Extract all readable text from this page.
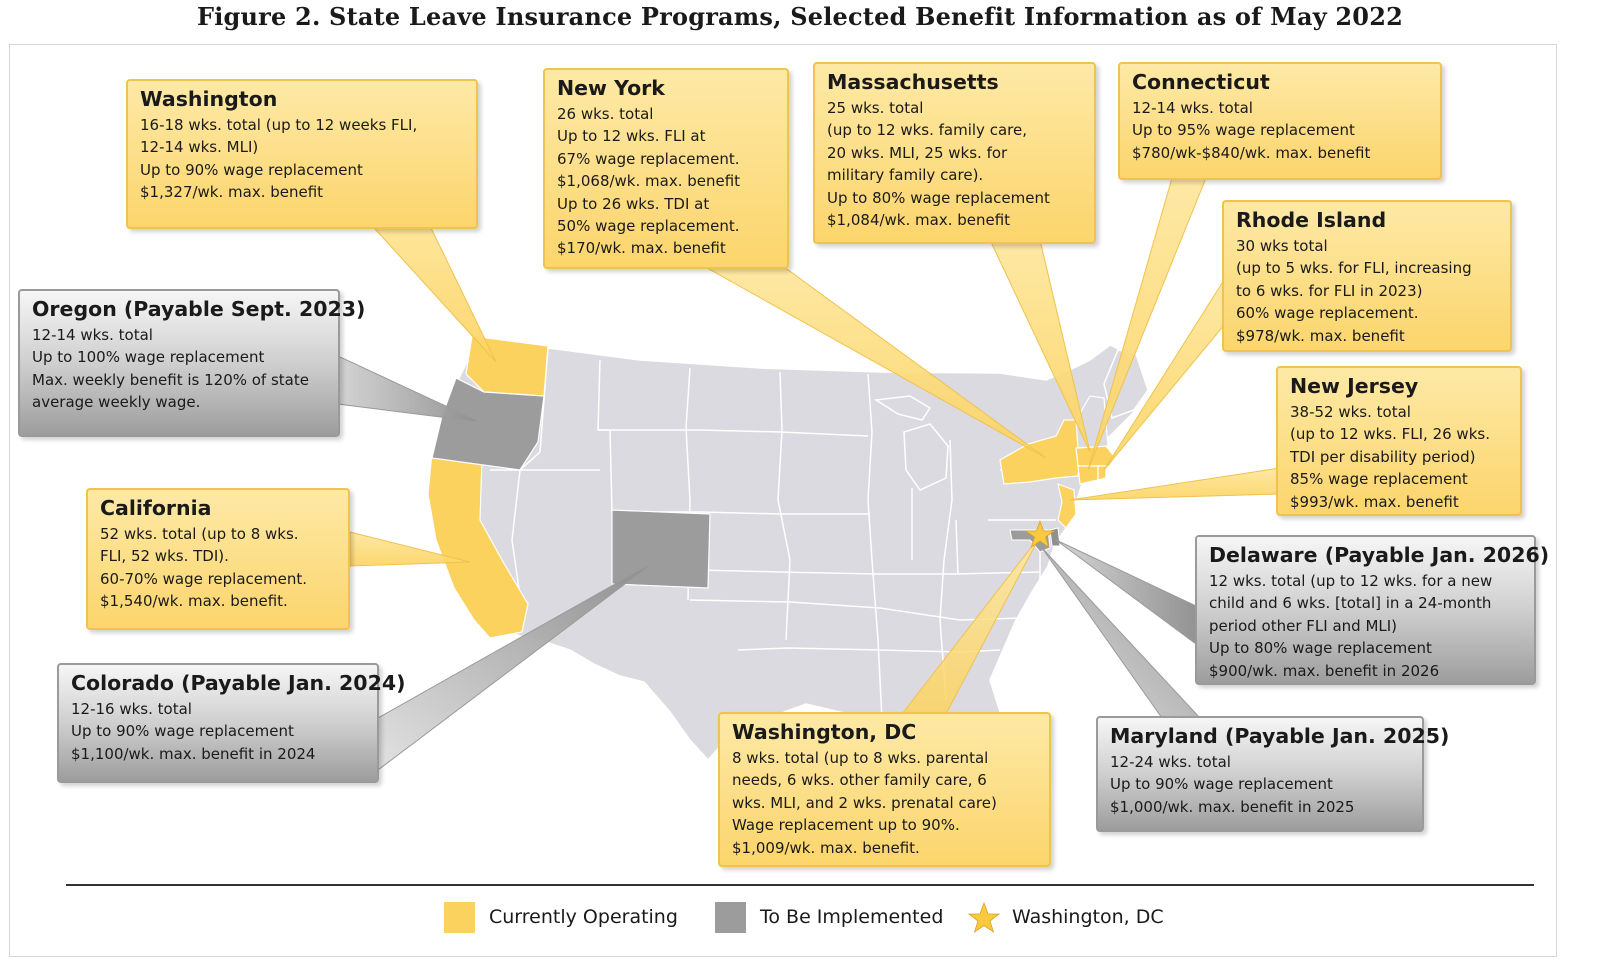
Figure 2. State Leave Insurance Programs, Selected Benefit Information as of May 2022
Washington
16-18 wks. total (up to 12 weeks FLI,
12-14 wks. MLI)
Up to 90% wage replacement
$1,327/wk. max. benefit
New York
26 wks. total
Up to 12 wks. FLI at
67% wage replacement.
$1,068/wk. max. benefit
Up to 26 wks. TDI at
50% wage replacement.
$170/wk. max. benefit
Massachusetts
25 wks. total
(up to 12 wks. family care,
20 wks. MLI, 25 wks. for
military family care).
Up to 80% wage replacement
$1,084/wk. max. benefit
Connecticut
12-14 wks. total
Up to 95% wage replacement
$780/wk-$840/wk. max. benefit
Rhode Island
30 wks total
(up to 5 wks. for FLI, increasing
to 6 wks. for FLI in 2023)
60% wage replacement.
$978/wk. max. benefit
Oregon (Payable Sept. 2023)
12-14 wks. total
Up to 100% wage replacement
Max. weekly benefit is 120% of state
average weekly wage.
New Jersey
38-52 wks. total
(up to 12 wks. FLI, 26 wks.
TDI per disability period)
85% wage replacement
$993/wk. max. benefit
California
52 wks. total (up to 8 wks.
FLI, 52 wks. TDI).
60-70% wage replacement.
$1,540/wk. max. benefit.
Delaware (Payable Jan. 2026)
12 wks. total (up to 12 wks. for a new
child and 6 wks. [total] in a 24-month
period other FLI and MLI)
Up to 80% wage replacement
$900/wk. max. benefit in 2026
Colorado (Payable Jan. 2024)
12-16 wks. total
Up to 90% wage replacement
$1,100/wk. max. benefit in 2024
Washington, DC
8 wks. total (up to 8 wks. parental
needs, 6 wks. other family care, 6
wks. MLI, and 2 wks. prenatal care)
Wage replacement up to 90%.
$1,009/wk. max. benefit.
Maryland (Payable Jan. 2025)
12-24 wks. total
Up to 90% wage replacement
$1,000/wk. max. benefit in 2025
Currently Operating	To Be Implemented	Washington, DC
